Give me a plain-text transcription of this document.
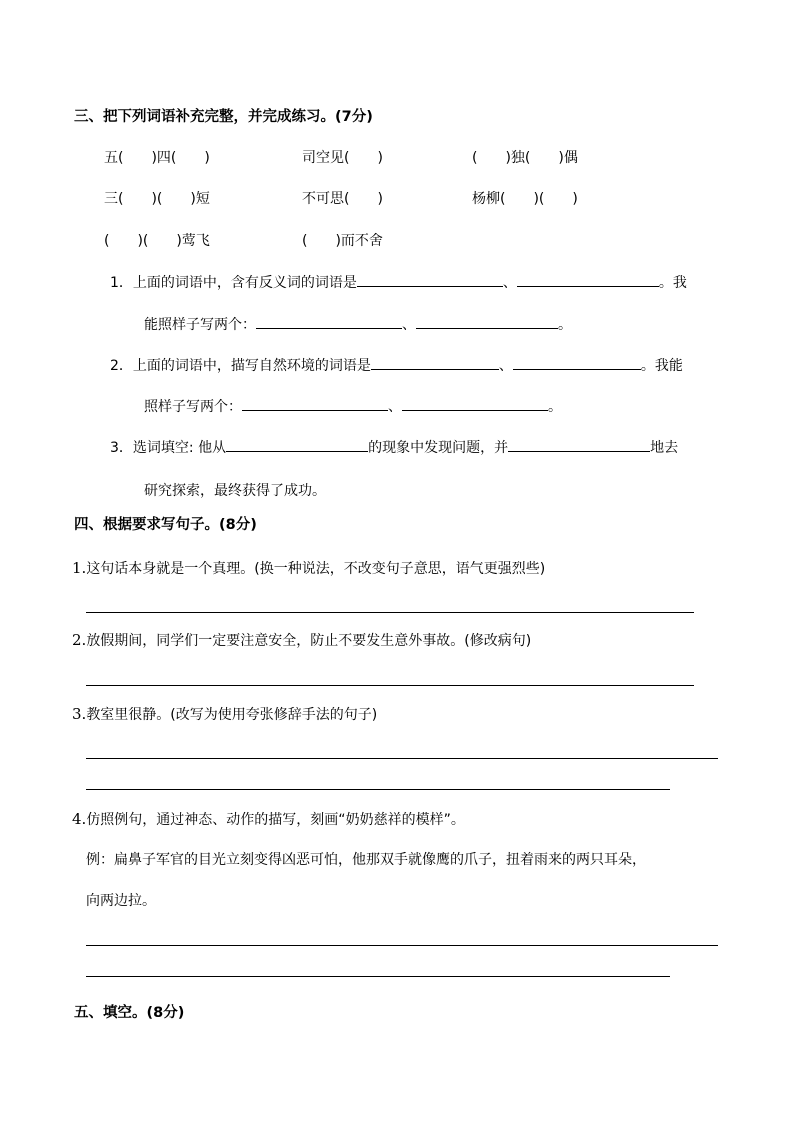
三、把下列词语补充完整，并完成练习。(7分)
五(　　)四(　　)	司空见(　　)	(　　)独(　　)偶
三(　　)(　　)短	不可思(　　)	杨柳(　　)(　　)
(　　)(　　)莺飞	(　　)而不舍
1．上面的词语中，含有反义词的词语是	、	。我
能照样子写两个：	、	。
2．上面的词语中，描写自然环境的词语是	、	。我能
照样子写两个：	、	。
3．选词填空: 他从	的现象中发现问题，并	地去
研究探索，最终获得了成功。
四、根据要求写句子。(8分)
1.这句话本身就是一个真理。(换一种说法，不改变句子意思，语气更强烈些)
2.放假期间，同学们一定要注意安全，防止不要发生意外事故。(修改病句)
3.教室里很静。(改写为使用夸张修辞手法的句子)
4.仿照例句，通过神态、动作的描写，刻画“奶奶慈祥的模样”。
例：扁鼻子军官的目光立刻变得凶恶可怕，他那双手就像鹰的爪子，扭着雨来的两只耳朵，
向两边拉。
五、填空。(8分)
